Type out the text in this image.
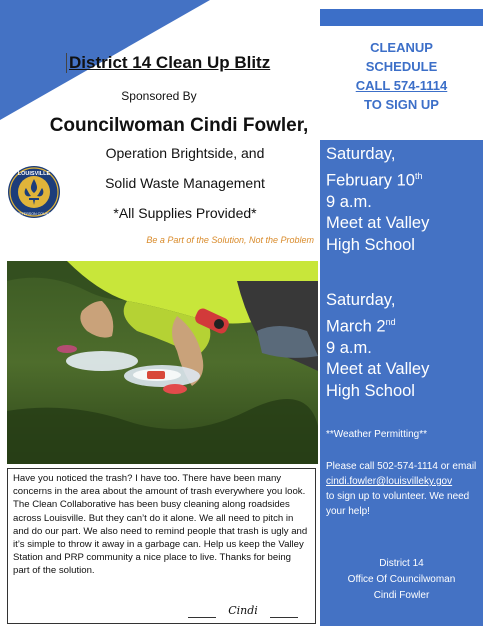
District 14 Clean Up Blitz
Sponsored By
Councilwoman Cindi Fowler,
Operation Brightside, and
Solid Waste Management
*All Supplies Provided*
Be a Part of the Solution, Not the Problem
LOUISVILLE
JEFFERSON COUNTY
Have you noticed the trash? I have too. There have been many concerns in the area about the amount of trash everywhere you look. The Clean Collaborative has been busy cleaning along roadsides across Louisville. But they can’t do it alone. We all need to pitch in and do our part. We also need to remind people that trash is ugly and it’s simple to throw it away in a garbage can. Help us keep the Valley Station and PRP community a nice place to live. Thanks for being part of the solution.
Cindi
CLEANUP
SCHEDULE
CALL 574-1114
TO SIGN UP
Saturday,
February 10th
9 a.m.
Meet at Valley
High School
Saturday,
March 2nd
9 a.m.
Meet at Valley
High School
**Weather Permitting**
Please call 502-574-1114 or email
cindi.fowler@louisvilleky.gov
to sign up to volunteer. We need your help!
District 14
Office Of Councilwoman
Cindi Fowler
